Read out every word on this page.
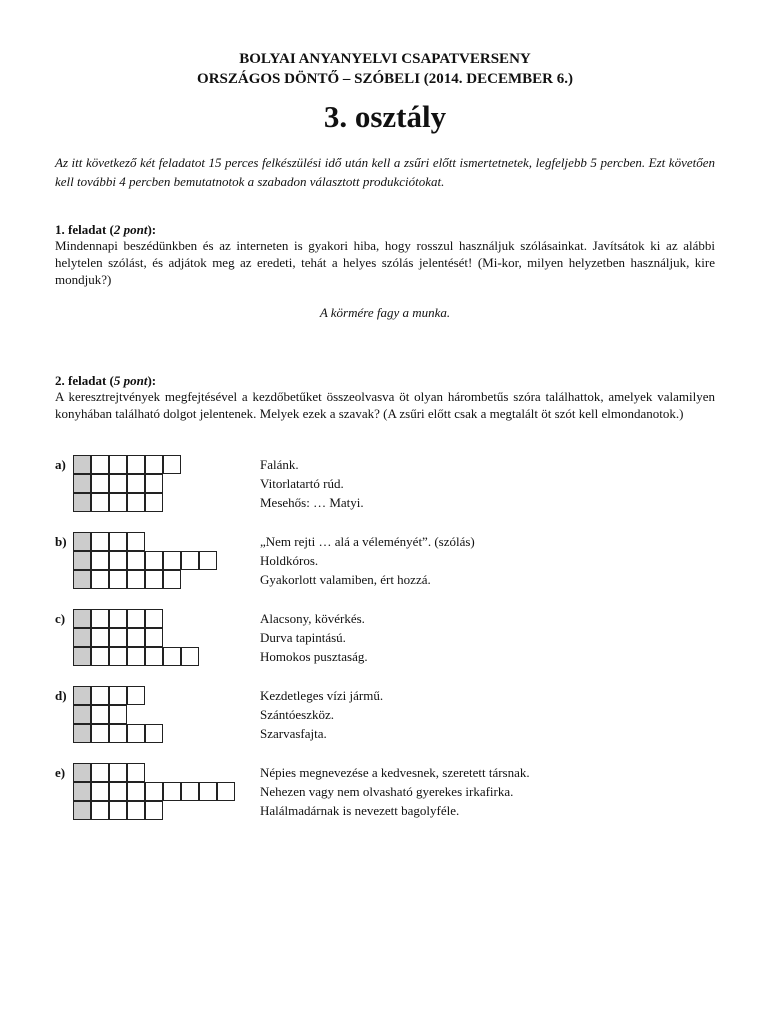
BOLYAI ANYANYELVI CSAPATVERSENY
ORSZÁGOS DÖNTŐ – SZÓBELI (2014. DECEMBER 6.)
3. osztály
Az itt következő két feladatot 15 perces felkészülési idő után kell a zsűri előtt ismertetnetek, legfeljebb 5 percben. Ezt követően kell további 4 percben bemutatnotok a szabadon választott produkciótokat.
1. feladat (2 pont):
Mindennapi beszédünkben és az interneten is gyakori hiba, hogy rosszul használjuk szólásainkat. Javítsátok ki az alábbi helytelen szólást, és adjátok meg az eredeti, tehát a helyes szólás jelentését! (Mi-kor, milyen helyzetben használjuk, kire mondjuk?)
A körmére fagy a munka.
2. feladat (5 pont):
A keresztrejtvények megfejtésével a kezdőbetűket összeolvasva öt olyan hárombetűs szóra találhattok, amelyek valamilyen konyhában található dolgot jelentenek. Melyek ezek a szavak? (A zsűri előtt csak a megtalált öt szót kell elmondanotok.)
a)	Falánk.
Vitorlatartó rúd.
Mesehős: … Matyi.
b)	„Nem rejti … alá a véleményét”. (szólás)
Holdkóros.
Gyakorlott valamiben, ért hozzá.
c)	Alacsony, kövérkés.
Durva tapintású.
Homokos pusztaság.
d)	Kezdetleges vízi jármű.
Szántóeszköz.
Szarvasfajta.
e)	Népies megnevezése a kedvesnek, szeretett társnak.
Nehezen vagy nem olvasható gyerekes irkafirka.
Halálmadárnak is nevezett bagolyféle.
